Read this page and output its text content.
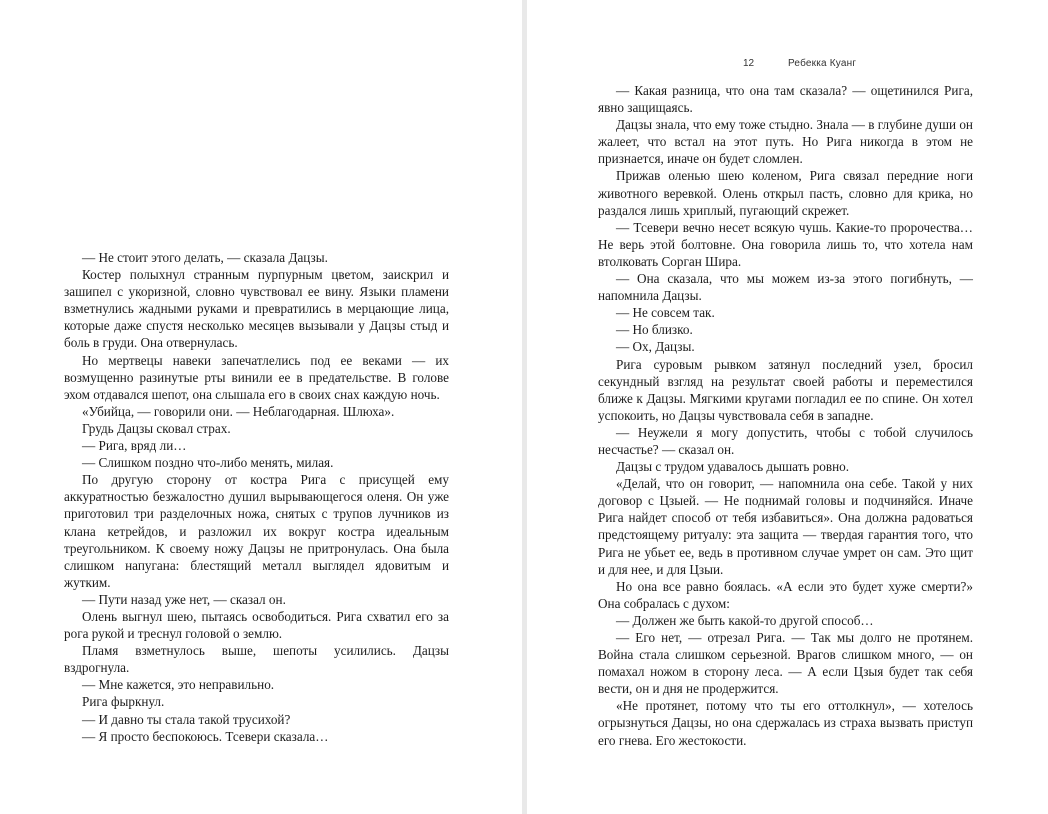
— Не стоит этого делать, — сказала Дацзы.

Костер полыхнул странным пурпурным цветом, заискрил и зашипел с укоризной, словно чувствовал ее вину. Языки пламени взметнулись жадными руками и превратились в мерцающие лица, которые даже спустя несколько месяцев вызывали у Дацзы стыд и боль в груди. Она отвернулась.

Но мертвецы навеки запечатлелись под ее веками — их возмущенно разинутые рты винили ее в предательстве. В голове эхом отдавался шепот, она слышала его в своих снах каждую ночь.

«Убийца, — говорили они. — Неблагодарная. Шлюха».

Грудь Дацзы сковал страх.

— Рига, вряд ли…

— Слишком поздно что-либо менять, милая.

По другую сторону от костра Рига с присущей ему аккуратностью безжалостно душил вырывающегося оленя. Он уже приготовил три разделочных ножа, снятых с трупов лучников из клана кетрейдов, и разложил их вокруг костра идеальным треугольником. К своему ножу Дацзы не притронулась. Она была слишком напугана: блестящий металл выглядел ядовитым и жутким.

— Пути назад уже нет, — сказал он.

Олень выгнул шею, пытаясь освободиться. Рига схватил его за рога рукой и треснул головой о землю.

Пламя взметнулось выше, шепоты усилились. Дацзы вздрогнула.

— Мне кажется, это неправильно.

Рига фыркнул.

— И давно ты стала такой трусихой?

— Я просто беспокоюсь. Тсевери сказала…

12	Ребекка Куанг

— Какая разница, что она там сказала? — ощетинился Рига, явно защищаясь.

Дацзы знала, что ему тоже стыдно. Знала — в глубине души он жалеет, что встал на этот путь. Но Рига никогда в этом не признается, иначе он будет сломлен.

Прижав оленью шею коленом, Рига связал передние ноги животного веревкой. Олень открыл пасть, словно для крика, но раздался лишь хриплый, пугающий скрежет.

— Тсевери вечно несет всякую чушь. Какие-то пророчества… Не верь этой болтовне. Она говорила лишь то, что хотела нам втолковать Сорган Шира.

— Она сказала, что мы можем из-за этого погибнуть, — напомнила Дацзы.

— Не совсем так.

— Но близко.

— Ох, Дацзы.

Рига суровым рывком затянул последний узел, бросил секундный взгляд на результат своей работы и переместился ближе к Дацзы. Мягкими кругами погладил ее по спине. Он хотел успокоить, но Дацзы чувствовала себя в западне.

— Неужели я могу допустить, чтобы с тобой случилось несчастье? — сказал он.

Дацзы с трудом удавалось дышать ровно.

«Делай, что он говорит, — напомнила она себе. Такой у них договор с Цзыей. — Не поднимай головы и подчиняйся. Иначе Рига найдет способ от тебя избавиться». Она должна радоваться предстоящему ритуалу: эта защита — твердая гарантия того, что Рига не убьет ее, ведь в противном случае умрет он сам. Это щит и для нее, и для Цзыи.

Но она все равно боялась. «А если это будет хуже смерти?» Она собралась с духом:

— Должен же быть какой-то другой способ…

— Его нет, — отрезал Рига. — Так мы долго не протянем. Война стала слишком серьезной. Врагов слишком много, — он помахал ножом в сторону леса. — А если Цзыя будет так себя вести, он и дня не продержится.

«Не протянет, потому что ты его оттолкнул», — хотелось огрызнуться Дацзы, но она сдержалась из страха вызвать приступ его гнева. Его жестокости.
